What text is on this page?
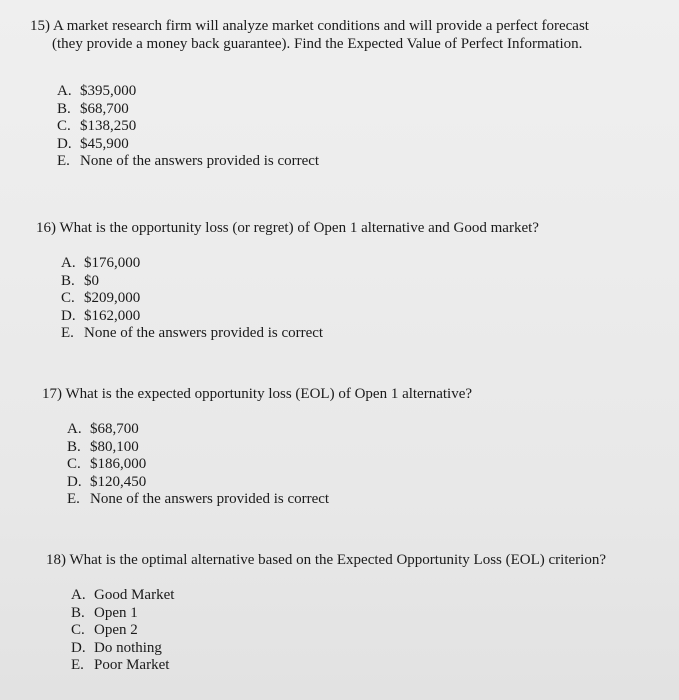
15) A market research firm will analyze market conditions and will provide a perfect forecast
(they provide a money back guarantee). Find the Expected Value of Perfect Information.

A. $395,000
B. $68,700
C. $138,250
D. $45,900
E. None of the answers provided is correct

16) What is the opportunity loss (or regret) of Open 1 alternative and Good market?

A. $176,000
B. $0
C. $209,000
D. $162,000
E. None of the answers provided is correct

17) What is the expected opportunity loss (EOL) of Open 1 alternative?

A. $68,700
B. $80,100
C. $186,000
D. $120,450
E. None of the answers provided is correct

18) What is the optimal alternative based on the Expected Opportunity Loss (EOL) criterion?

A. Good Market
B. Open 1
C. Open 2
D. Do nothing
E. Poor Market
